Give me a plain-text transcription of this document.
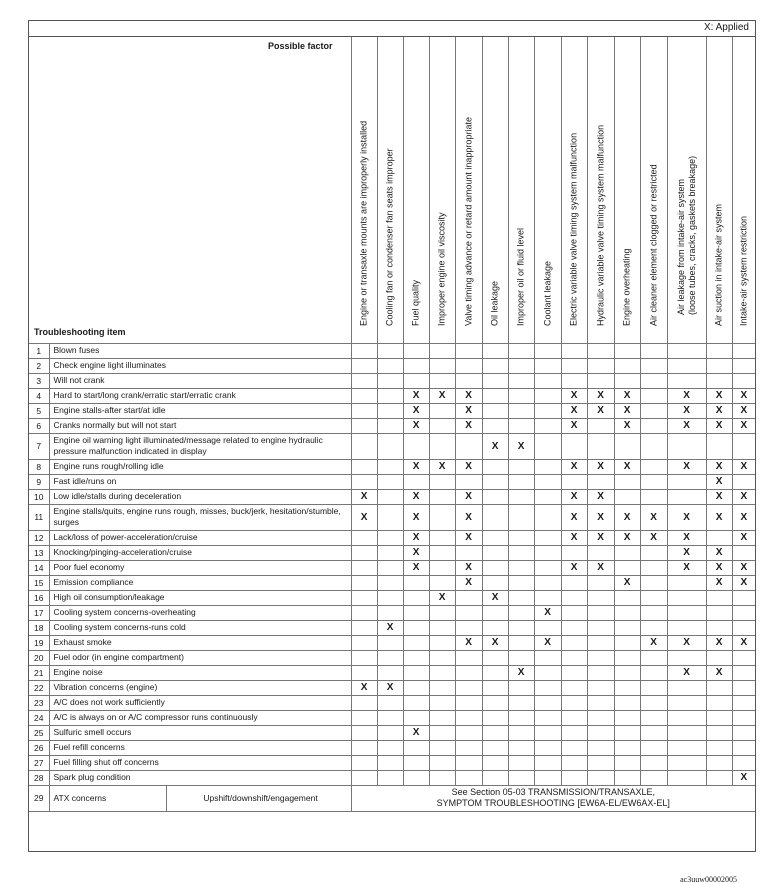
X: Applied
Possible factor
Troubleshooting item			Engine or transaxle mounts are improperly installed	Cooling fan or condenser fan seats improper	Fuel quality	Improper engine oil viscosity	Valve timing advance or retard amount inappropriate	Oil leakage	Improper oil or fluid level	Coolant leakage	Electric variable valve timing system malfunction	Hydraulic variable valve timing system malfunction	Engine overheating	Air cleaner element clogged or restricted	Air leakage from intake-air system
(loose tubes, cracks, gaskets breakage)	Air suction in intake-air system	Intake-air system restriction

1	Blown fuses																
2	Check engine light illuminates																
3	Will not crank																
4	Hard to start/long crank/erratic start/erratic crank				X	X	X				X	X	X		X	X	X
5	Engine stalls-after start/at idle				X		X				X	X	X		X	X	X
6	Cranks normally but will not start				X		X				X		X		X	X	X
7	Engine oil warning light illuminated/message related to engine hydraulic pressure malfunction indicated in display							X	X								
8	Engine runs rough/rolling idle				X	X	X				X	X	X		X	X	X
9	Fast idle/runs on															X	
10	Low idle/stalls during deceleration		X		X		X				X	X				X	X
11	Engine stalls/quits, engine runs rough, misses, buck/jerk, hesitation/stumble, surges		X		X		X				X	X	X	X	X	X	X
12	Lack/loss of power-acceleration/cruise				X		X				X	X	X	X	X		X
13	Knocking/pinging-acceleration/cruise				X										X	X	
14	Poor fuel economy				X		X				X	X			X	X	X
15	Emission compliance						X						X			X	X
16	High oil consumption/leakage					X		X									
17	Cooling system concerns-overheating									X							
18	Cooling system concerns-runs cold			X													
19	Exhaust smoke						X	X		X				X	X	X	X
20	Fuel odor (in engine compartment)																
21	Engine noise								X						X	X	
22	Vibration concerns (engine)		X	X													
23	A/C does not work sufficiently																
24	A/C is always on or A/C compressor runs continuously																
25	Sulfuric smell occurs				X												
26	Fuel refill concerns																
27	Fuel filling shut off concerns																
28	Spark plug condition																X
29	ATX concerns	Upshift/downshift/engagement	See Section 05-03 TRANSMISSION/TRANSAXLE,
SYMPTOM TROUBLESHOOTING [EW6A-EL/EW6AX-EL]														
ac3uuw00002005
